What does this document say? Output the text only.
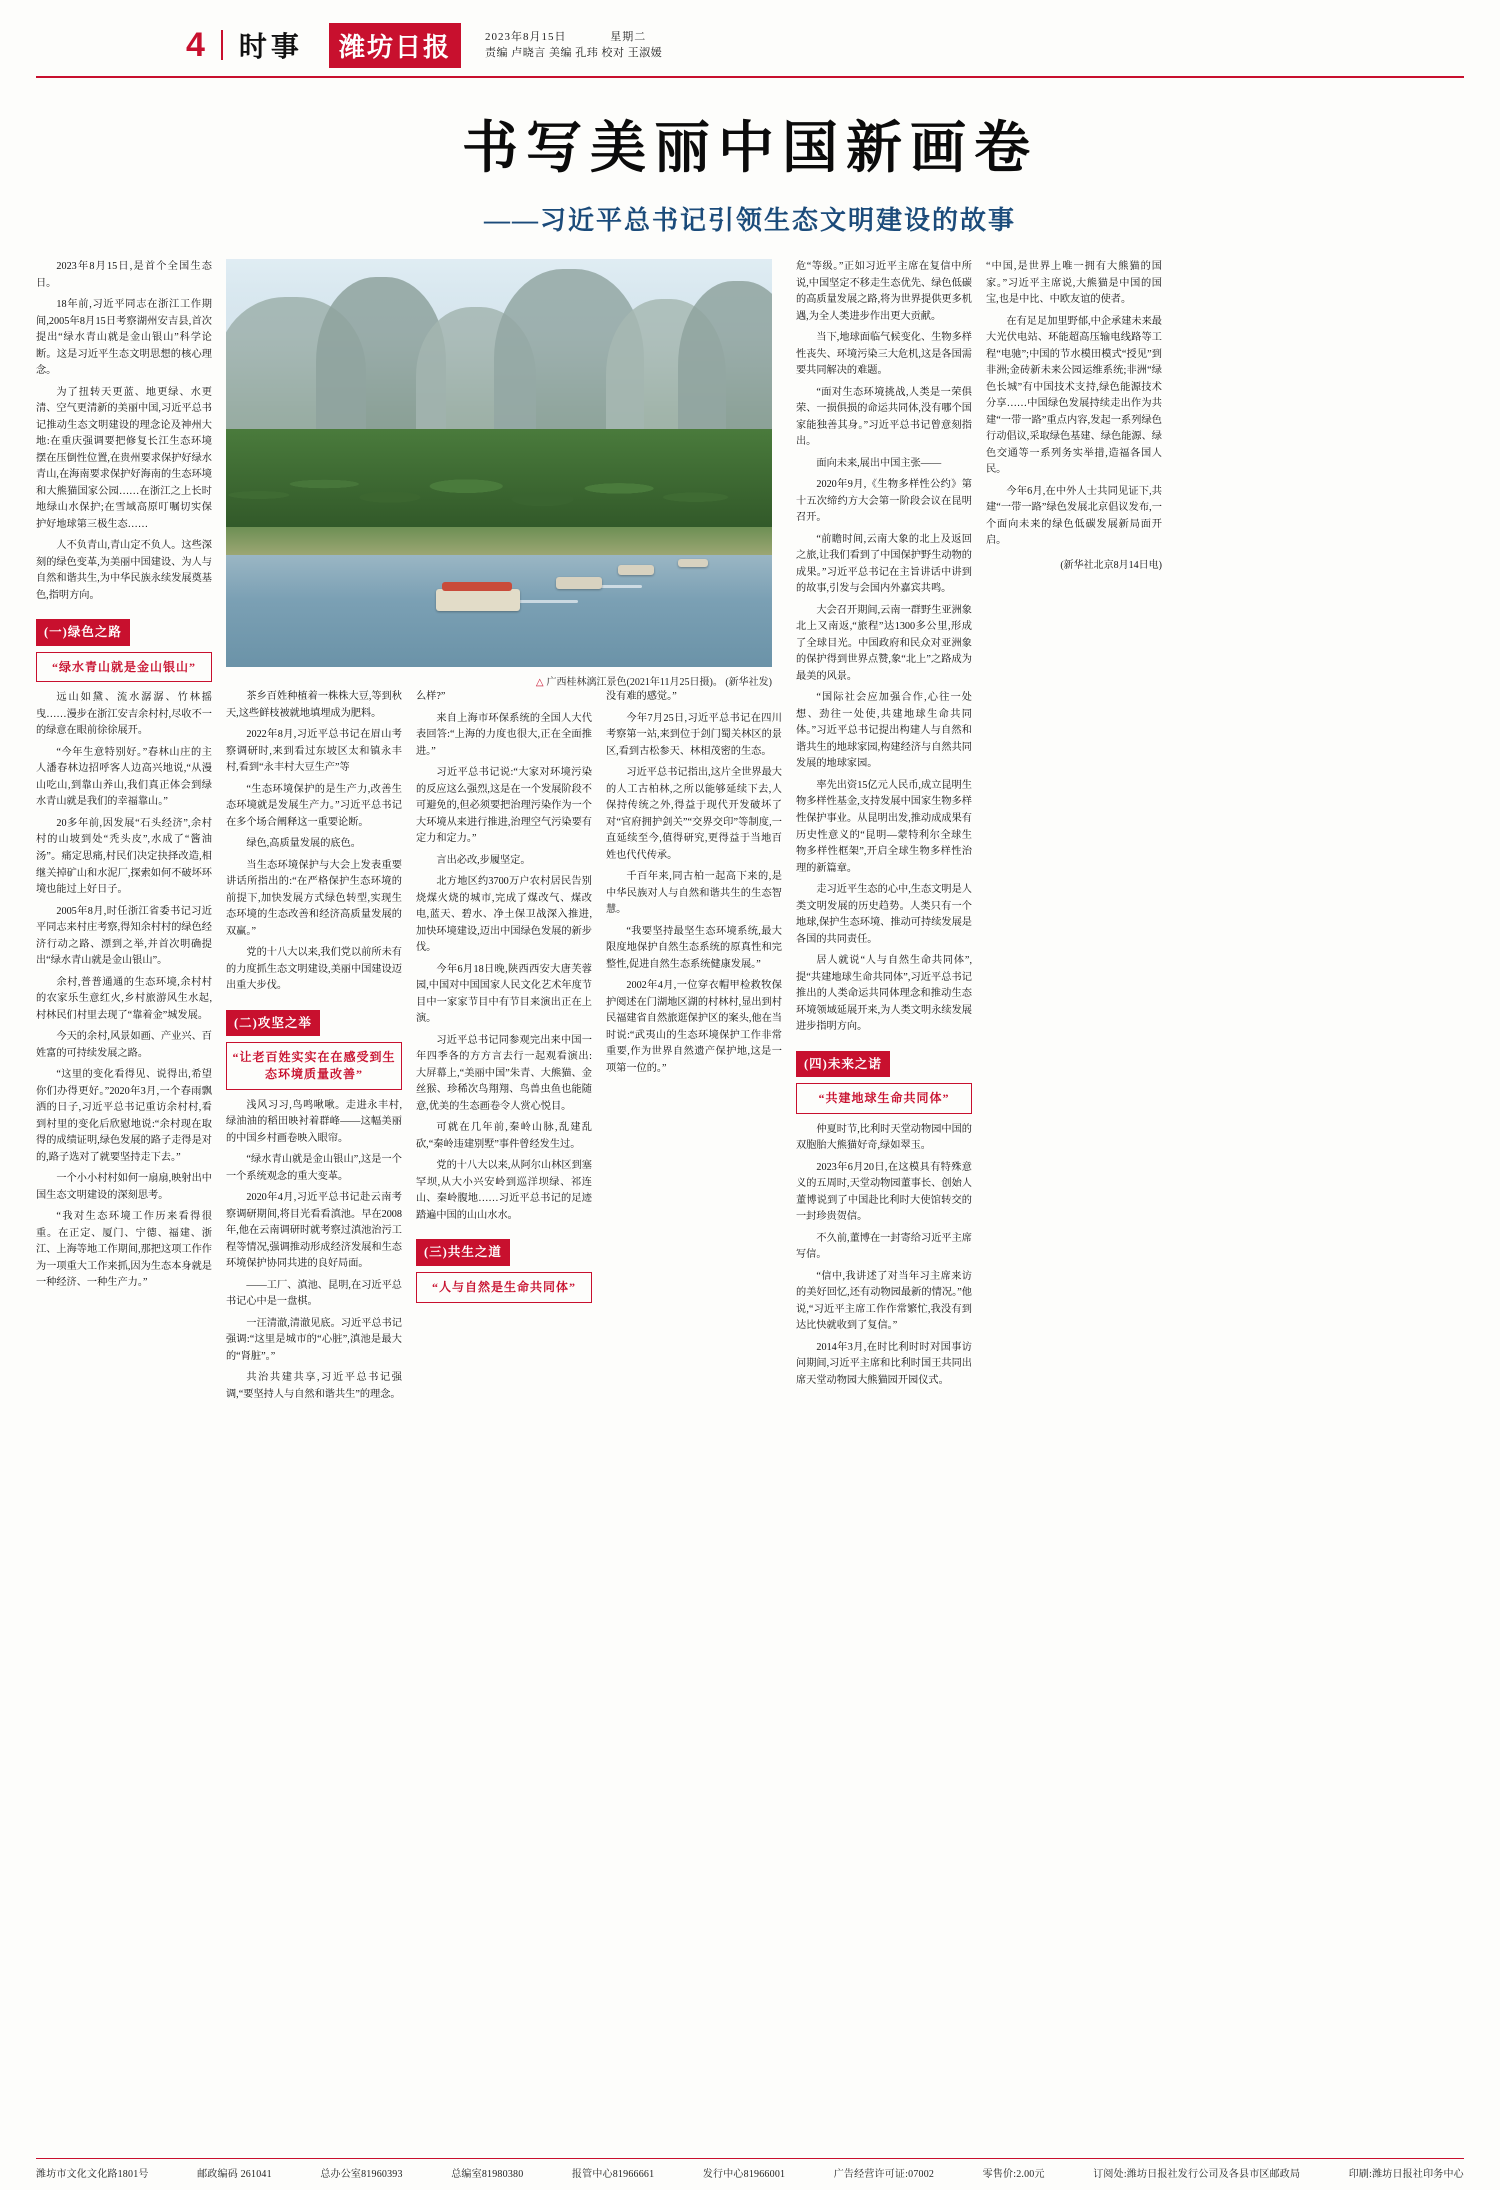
4 时事	潍坊日报	2023年8月15日	星期二
责编 卢晓言 美编 孔玮 校对 王淑媛
书写美丽中国新画卷
——习近平总书记引领生态文明建设的故事

2023年8月15日,是首个全国生态日。

18年前,习近平同志在浙江工作期间,2005年8月15日考察湖州安吉县,首次提出“绿水青山就是金山银山”科学论断。这是习近平生态文明思想的核心理念。

为了扭转天更蓝、地更绿、水更清、空气更清新的美丽中国,习近平总书记推动生态文明建设的理念论及神州大地:在重庆强调要把修复长江生态环境摆在压倒性位置,在贵州要求保护好绿水青山,在海南要求保护好海南的生态环境和大熊猫国家公园……在浙江之上长时地绿山水保护;在雪域高原叮嘱切实保护好地球第三极生态……

人不负青山,青山定不负人。这些深刻的绿色变革,为美丽中国建设、为人与自然和谐共生,为中华民族永续发展奠基色,指明方向。

(一)绿色之路
“绿水青山就是金山银山”

远山如黛、流水潺潺、竹林摇曳……漫步在浙江安吉余村村,尽收不一的绿意在眼前徐徐展开。

“今年生意特别好。”春林山庄的主人潘春林边招呼客人边高兴地说,“从漫山吃山,到靠山养山,我们真正体会到绿水青山就是我们的幸福靠山。”

20多年前,因发展“石头经济”,余村村的山坡到处“秃头皮”,水成了“酱油汤”。痛定思痛,村民们决定抉择改造,相继关掉矿山和水泥厂,探索如何不破坏环境也能过上好日子。

2005年8月,时任浙江省委书记习近平同志来村庄考察,得知余村村的绿色经济行动之路、漂到之举,并首次明确提出“绿水青山就是金山银山”。

余村,普普通通的生态环境,余村村的农家乐生意红火,乡村旅游风生水起,村林民们村里去现了“靠着金”城发展。

今天的余村,风景如画、产业兴、百姓富的可持续发展之路。

“这里的变化看得见、说得出,希望你们办得更好。”2020年3月,一个春雨飘洒的日子,习近平总书记重访余村村,看到村里的变化后欣慰地说:“余村现在取得的成绩证明,绿色发展的路子走得是对的,路子选对了就要坚持走下去。”

一个小小村村如何一扇扇,映射出中国生态文明建设的深刻思考。

“我对生态环境工作历来看得很重。在正定、厦门、宁德、福建、浙江、上海等地工作期间,那把这项工作作为一项重大工作来抓,因为生态本身就是一种经济、一种生产力。”

茶乡百姓种植着一株株大豆,等到秋天,这些鲜枝被就地填埋成为肥料。

2022年8月,习近平总书记在眉山考察调研时,来到看过东坡区太和镇永丰村,看到“永丰村大豆生产”等

“生态环境保护的是生产力,改善生态环境就是发展生产力。”习近平总书记在多个场合阐释这一重要论断。

绿色,高质量发展的底色。

当生态环境保护与大会上发表重要讲话所指出的:“在严格保护生态环境的前提下,加快发展方式绿色转型,实现生态环境的生态改善和经济高质量发展的双赢。”

党的十八大以来,我们党以前所未有的力度抓生态文明建设,美丽中国建设迈出重大步伐。

(二)攻坚之举
“让老百姓实实在在感受到生态环境质量改善”

浅风习习,鸟鸣啾啾。走进永丰村,绿油油的稻田映衬着群峰——这幅美丽的中国乡村画卷映入眼帘。

“绿水青山就是金山银山”,这是一个一个系统观念的重大变革。

2020年4月,习近平总书记赴云南考察调研期间,将目光看看滇池。早在2008年,他在云南调研时就考察过滇池治污工程等情况,强调推动形成经济发展和生态环境保护协同共进的良好局面。

——工厂、滇池、昆明,在习近平总书记心中是一盘棋。

一汪清澈,清澈见底。习近平总书记强调:“这里是城市的“心脏”,滇池是最大的“肾脏”。”

共治共建共享,习近平总书记强调,“要坚持人与自然和谐共生”的理念。

么样?”

来自上海市环保系统的全国人大代表回答:“上海的力度也很大,正在全面推进。”

习近平总书记说:“大家对环境污染的反应这么强烈,这是在一个发展阶段不可避免的,但必须要把治理污染作为一个大环境从来进行推进,治理空气污染要有定力和定力。”

言出必改,步履坚定。

北方地区约3700万户农村居民告别烧煤火烧的城市,完成了煤改气、煤改电,蓝天、碧水、净土保卫战深入推进,加快环境建设,迈出中国绿色发展的新步伐。

今年6月18日晚,陕西西安大唐芙蓉园,中国对中国国家人民文化艺术年度节目中一家家节目中有节目来演出正在上演。

习近平总书记同参观完出来中国一年四季各的方方言去行一起观看演出:大屏幕上,“美丽中国”朱青、大熊猫、金丝猴、珍稀次鸟翔翔、鸟兽虫鱼也能随意,优美的生态画卷令人赏心悦目。

可就在几年前,秦岭山脉,乱建乱砍,“秦岭违建别墅”事件曾经发生过。

党的十八大以来,从阿尔山林区到塞罕坝,从大小兴安岭到巡洋坝绿、祁连山、秦岭腹地……习近平总书记的足迹踏遍中国的山山水水。

(三)共生之道
“人与自然是生命共同体”

没有难的感觉。”

今年7月25日,习近平总书记在四川考察第一站,来到位于剑门蜀关林区的景区,看到古松参天、林相茂密的生态。

习近平总书记指出,这片全世界最大的人工古柏林,之所以能够延续下去,人保持传统之外,得益于现代开发破坏了对“官府拥护剑关”“交界交印”等制度,一直延续至今,值得研究,更得益于当地百姓也代代传承。

千百年来,同古柏一起高下来的,是中华民族对人与自然和谐共生的生态智慧。

“我要坚持最坚生态环境系统,最大限度地保护自然生态系统的原真性和完整性,促进自然生态系统健康发展。”

2002年4月,一位穿衣帽甲检救牧保护阅述在门湖地区湖的村林村,显出到村民福建省自然旅逛保护区的案头,他在当时说:“武夷山的生态环境保护工作非常重要,作为世界自然遗产保护地,这是一项第一位的。”

危“等级。”正如习近平主席在复信中所说,中国坚定不移走生态优先、绿色低碳的高质量发展之路,将为世界提供更多机遇,为全人类进步作出更大贡献。

当下,地球面临气候变化、生物多样性丧失、环境污染三大危机,这是各国需要共同解决的难题。

“面对生态环境挑战,人类是一荣俱荣、一损俱损的命运共同体,没有哪个国家能独善其身。”习近平总书记曾意刻指出。

面向未来,展出中国主张——

2020年9月,《生物多样性公约》第十五次缔约方大会第一阶段会议在昆明召开。

“前瞻时间,云南大象的北上及返回之旅,让我们看到了中国保护野生动物的成果。”习近平总书记在主旨讲话中讲到的故事,引发与会国内外嘉宾共鸣。

大会召开期间,云南一群野生亚洲象北上又南返,“旅程”达1300多公里,形成了全球目光。中国政府和民众对亚洲象的保护得到世界点赞,象“北上”之路成为最美的风景。

“国际社会应加强合作,心往一处想、劲往一处使,共建地球生命共同体。”习近平总书记提出构建人与自然和谐共生的地球家园,构建经济与自然共同发展的地球家园。

率先出资15亿元人民币,成立昆明生物多样性基金,支持发展中国家生物多样性保护事业。从昆明出发,推动成成果有历史性意义的“昆明—蒙特利尔全球生物多样性框架”,开启全球生物多样性治理的新篇章。

走习近平生态的心中,生态文明是人类文明发展的历史趋势。人类只有一个地球,保护生态环境、推动可持续发展是各国的共同责任。

居人就说“人与自然生命共同体”,提“共建地球生命共同体”,习近平总书记推出的人类命运共同体理念和推动生态环境领域延展开来,为人类文明永续发展进步指明方向。

(四)未来之诺
“共建地球生命共同体”

仲夏时节,比利时天堂动物园中国的双胞胎大熊猫好奇,绿如翠玉。

2023年6月20日,在这模具有特殊意义的五周时,天堂动物园董事长、创始人董博说到了中国赴比利时大使馆转交的一封珍贵贺信。

不久前,董博在一封寄给习近平主席写信。

“信中,我讲述了对当年习主席来访的美好回忆,还有动物园最新的情况。”他说,“习近平主席工作作常繁忙,我没有到达比快就收到了复信。”

2014年3月,在时比利时时对国事访问期间,习近平主席和比利时国王共同出席天堂动物园大熊猫园开园仪式。

“中国,是世界上唯一拥有大熊猫的国家。”习近平主席说,大熊猫是中国的国宝,也是中比、中欧友谊的使者。

在有足足加里野郁,中企承建未来最大光伏电站、环能超高压输电线路等工程“电驰”;中国的节水模田模式“授见”到非洲;金砖新未来公园运维系统;非洲“绿色长城”有中国技术支持,绿色能源技术分享……中国绿色发展持续走出作为共建“一带一路”重点内容,发起一系列绿色行动倡议,采取绿色基建、绿色能源、绿色交通等一系列务实举措,造福各国人民。

今年6月,在中外人士共同见证下,共建“一带一路”绿色发展北京倡议发布,一个面向未来的绿色低碳发展新局面开启。

(新华社北京8月14日电)
△ 广西桂林漓江景色(2021年11月25日摄)。 (新华社发)
潍坊市文化文化路1801号	邮政编码 261041	总办公室81960393	总编室81980380	报管中心81966661	发行中心81966001	广告经营许可证:07002	零售价:2.00元	订阅处:潍坊日报社发行公司及各县市区邮政局	印刷:潍坊日报社印务中心
